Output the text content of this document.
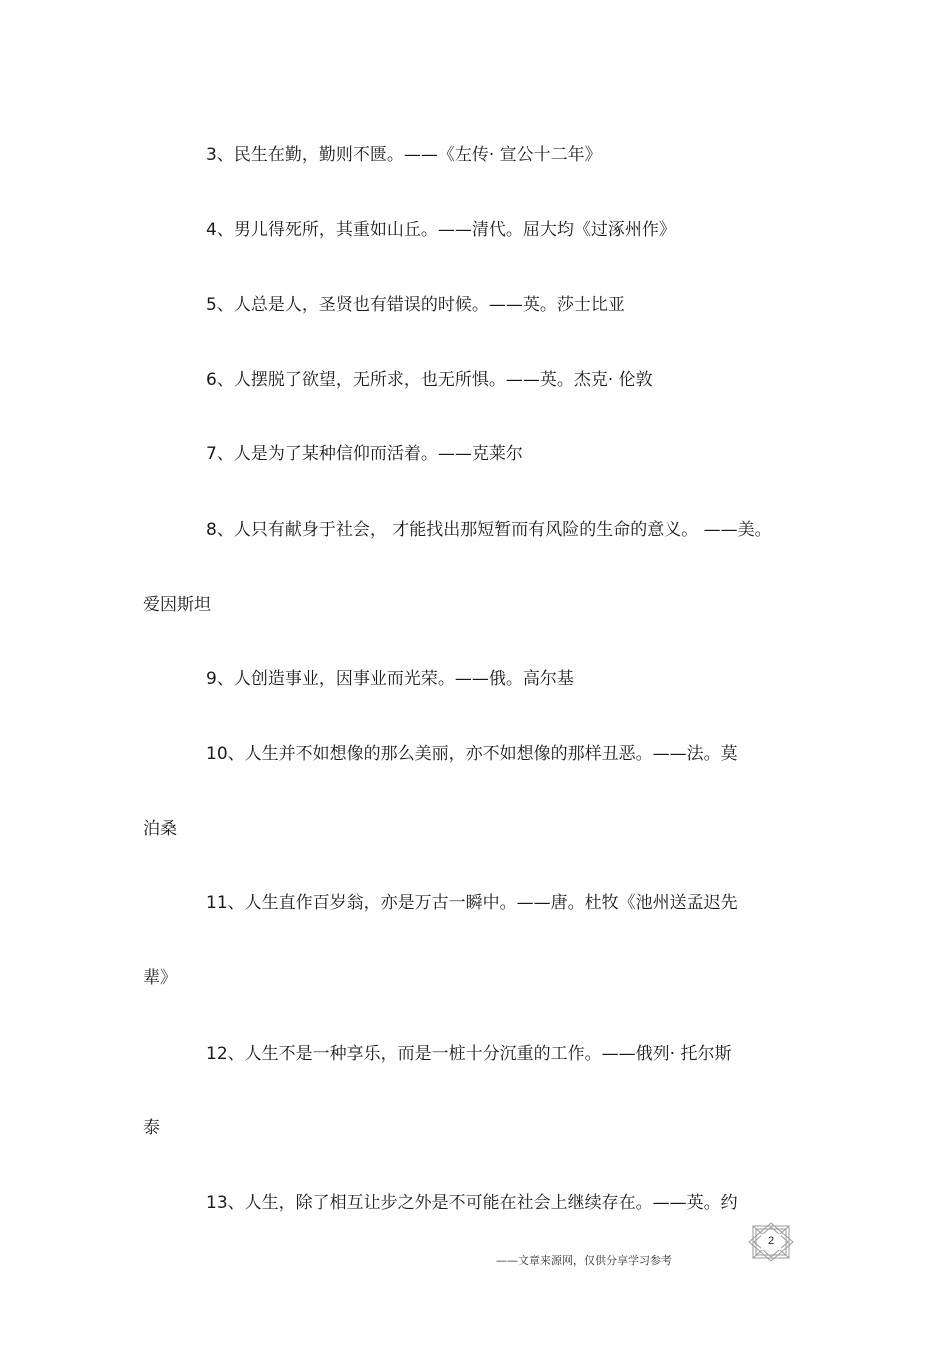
3、民生在勤，勤则不匮。——《左传· 宣公十二年》
4、男儿得死所，其重如山丘。——清代。屈大均《过涿州作》
5、人总是人，圣贤也有错误的时候。——英。莎士比亚
6、人摆脱了欲望，无所求，也无所惧。——英。杰克· 伦敦
7、人是为了某种信仰而活着。——克莱尔
8、人只有献身于社会， 才能找出那短暂而有风险的生命的意义。 ——美。
爱因斯坦
9、人创造事业，因事业而光荣。——俄。高尔基
10、人生并不如想像的那么美丽，亦不如想像的那样丑恶。——法。莫
泊桑
11、人生直作百岁翁，亦是万古一瞬中。——唐。杜牧《池州送孟迟先
辈》
12、人生不是一种享乐，而是一桩十分沉重的工作。——俄列· 托尔斯
泰
13、人生，除了相互让步之外是不可能在社会上继续存在。——英。约
2
——文章来源网，仅供分享学习参考
